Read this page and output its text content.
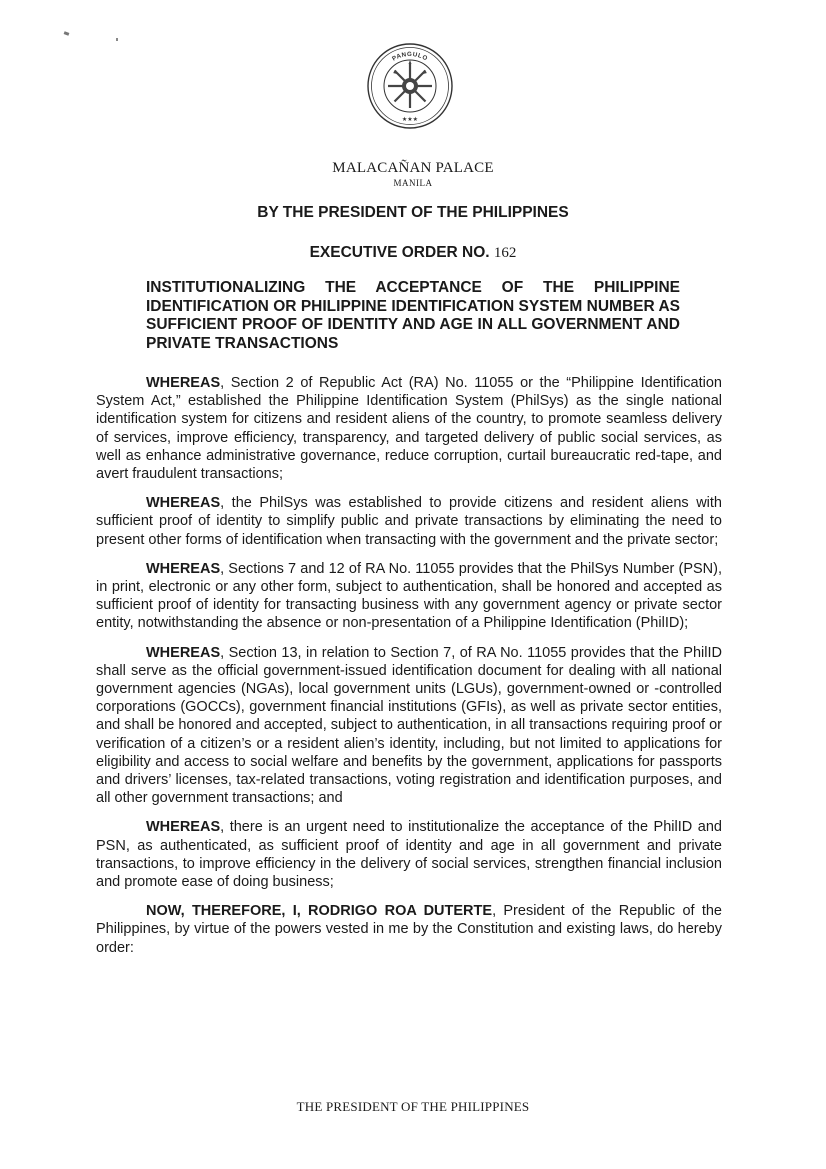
PANGULO
★★★
MALACAÑAN PALACE
MANILA
BY THE PRESIDENT OF THE PHILIPPINES
EXECUTIVE ORDER NO. 162
INSTITUTIONALIZING THE ACCEPTANCE OF THE PHILIPPINE IDENTIFICATION OR PHILIPPINE IDENTIFICATION SYSTEM NUMBER AS SUFFICIENT PROOF OF IDENTITY AND AGE IN ALL GOVERNMENT AND PRIVATE TRANSACTIONS

WHEREAS, Section 2 of Republic Act (RA) No. 11055 or the “Philippine Identification System Act,” established the Philippine Identification System (PhilSys) as the single national identification system for citizens and resident aliens of the country, to promote seamless delivery of services, improve efficiency, transparency, and targeted delivery of public social services, as well as enhance administrative governance, reduce corruption, curtail bureaucratic red-tape, and avert fraudulent transactions;

WHEREAS, the PhilSys was established to provide citizens and resident aliens with sufficient proof of identity to simplify public and private transactions by eliminating the need to present other forms of identification when transacting with the government and the private sector;

WHEREAS, Sections 7 and 12 of RA No. 11055 provides that the PhilSys Number (PSN), in print, electronic or any other form, subject to authentication, shall be honored and accepted as sufficient proof of identity for transacting business with any government agency or private sector entity, notwithstanding the absence or non-presentation of a Philippine Identification (PhilID);

WHEREAS, Section 13, in relation to Section 7, of RA No. 11055 provides that the PhilID shall serve as the official government-issued identification document for dealing with all national government agencies (NGAs), local government units (LGUs), government-owned or -controlled corporations (GOCCs), government financial institutions (GFIs), as well as private sector entities, and shall be honored and accepted, subject to authentication, in all transactions requiring proof or verification of a citizen’s or a resident alien’s identity, including, but not limited to applications for eligibility and access to social welfare and benefits by the government, applications for passports and drivers’ licenses, tax-related transactions, voting registration and identification purposes, and all other government transactions; and

WHEREAS, there is an urgent need to institutionalize the acceptance of the PhilID and PSN, as authenticated, as sufficient proof of identity and age in all government and private transactions, to improve efficiency in the delivery of social services, strengthen financial inclusion and promote ease of doing business;

NOW, THEREFORE, I, RODRIGO ROA DUTERTE, President of the Republic of the Philippines, by virtue of the powers vested in me by the Constitution and existing laws, do hereby order:

THE PRESIDENT OF THE PHILIPPINES
